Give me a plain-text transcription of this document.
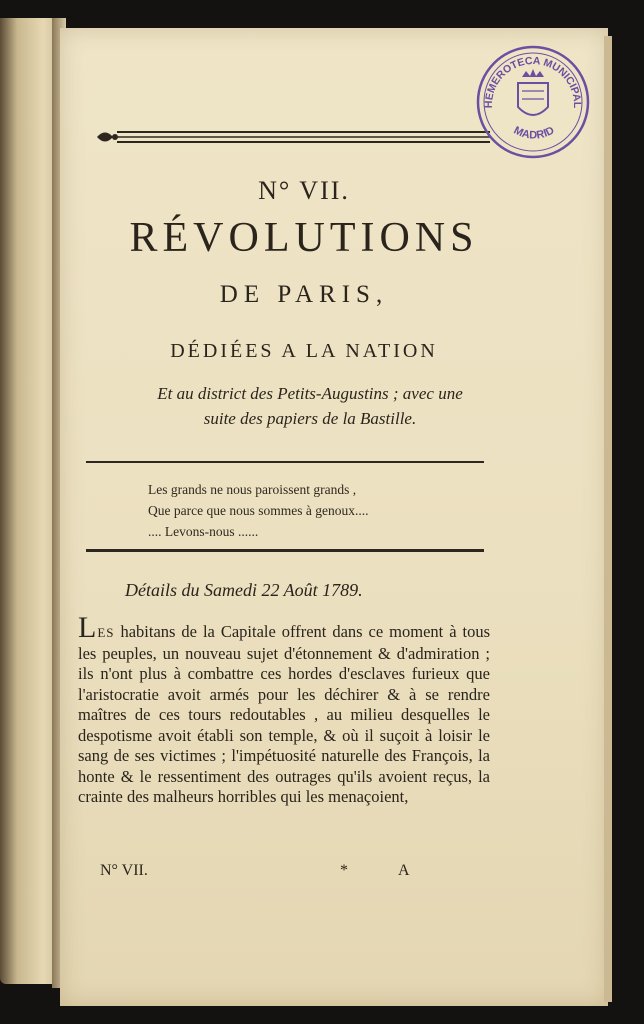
HEMEROTECA MUNICIPAL
MADRID
N° VII.
RÉVOLUTIONS
DE PARIS,
DÉDIÉES A LA NATION
Et au district des Petits-Augustins ; avec une
suite des papiers de la Bastille.
Les grands ne nous paroissent grands ,
Que parce que nous sommes à genoux....
.... Levons-nous ......
Détails du Samedi 22 Août 1789.
LES habitans de la Capitale offrent dans ce moment à tous les peuples, un nouveau sujet d'étonnement & d'admiration ; ils n'ont plus à combattre ces hordes d'esclaves furieux que l'aristocratie avoit armés pour les déchirer & à se rendre maîtres de ces tours redoutables , au milieu desquelles le despotisme avoit établi son temple, & où il suçoit à loisir le sang de ses victimes ; l'impétuosité naturelle des François, la honte & le ressentiment des outrages qu'ils avoient reçus, la crainte des malheurs horribles qui les menaçoient,
N° VII.	*	A
